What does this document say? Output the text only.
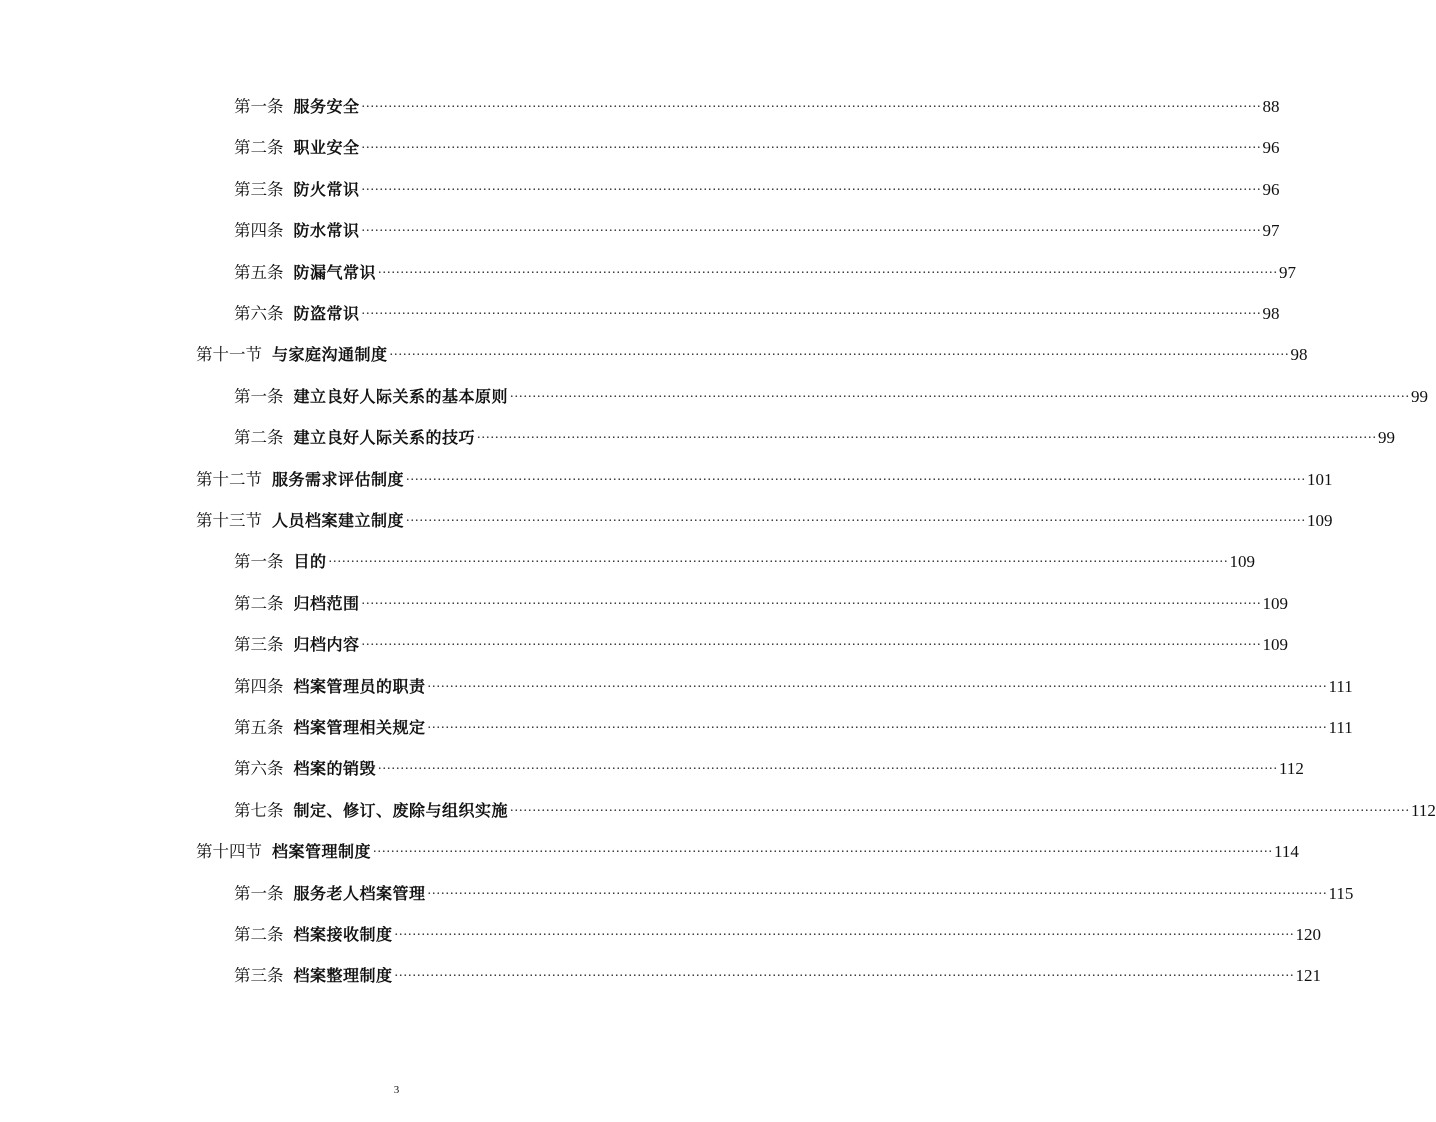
第一条 服务安全 ........................................................................................................................................................................................................ 88
第二条 职业安全 ........................................................................................................................................................................................................ 96
第三条 防火常识 ........................................................................................................................................................................................................ 96
第四条 防水常识 ........................................................................................................................................................................................................ 97
第五条 防漏气常识 ........................................................................................................................................................................................................ 97
第六条 防盗常识 ........................................................................................................................................................................................................ 98
第十一节 与家庭沟通制度 ........................................................................................................................................................................................................ 98
第一条 建立良好人际关系的基本原则 ........................................................................................................................................................................................................ 99
第二条 建立良好人际关系的技巧 ........................................................................................................................................................................................................ 99
第十二节 服务需求评估制度 ........................................................................................................................................................................................................ 101
第十三节 人员档案建立制度 ........................................................................................................................................................................................................ 109
第一条 目的 ........................................................................................................................................................................................................ 109
第二条 归档范围 ........................................................................................................................................................................................................ 109
第三条 归档内容 ........................................................................................................................................................................................................ 109
第四条 档案管理员的职责 ........................................................................................................................................................................................................ 111
第五条 档案管理相关规定 ........................................................................................................................................................................................................ 111
第六条 档案的销毁 ........................................................................................................................................................................................................ 112
第七条 制定、修订、废除与组织实施 ........................................................................................................................................................................................................ 112
第十四节 档案管理制度 ........................................................................................................................................................................................................ 114
第一条 服务老人档案管理 ........................................................................................................................................................................................................ 115
第二条 档案接收制度 ........................................................................................................................................................................................................ 120
第三条 档案整理制度 ........................................................................................................................................................................................................ 121
3
